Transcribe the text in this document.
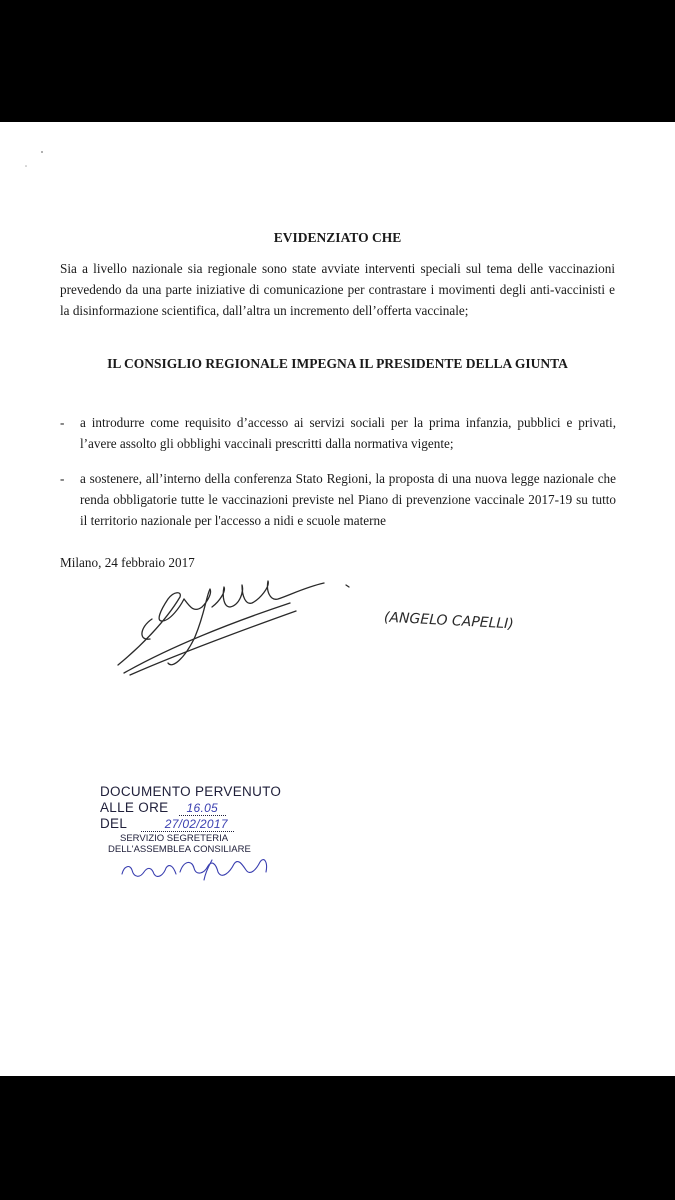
EVIDENZIATO CHE

Sia a livello nazionale sia regionale sono state avviate interventi speciali sul tema delle vaccinazioni prevedendo da una parte iniziative di comunicazione per contrastare i movimenti degli anti-vaccinisti e la disinformazione scientifica, dall’altra un incremento dell’offerta vaccinale;

IL CONSIGLIO REGIONALE IMPEGNA IL PRESIDENTE DELLA GIUNTA

- a introdurre come requisito d’accesso ai servizi sociali per la prima infanzia, pubblici e privati, l’avere assolto gli obblighi vaccinali prescritti dalla normativa vigente;
- a sostenere, all’interno della conferenza Stato Regioni, la proposta di una nuova legge nazionale che renda obbligatorie tutte le vaccinazioni previste nel Piano di prevenzione vaccinale 2017-19 su tutto il territorio nazionale per l'accesso a nidi e scuole materne

Milano, 24 febbraio 2017

(ANGELO CAPELLI)

DOCUMENTO PERVENUTO

ALLE ORE 16.05

DEL	27/02/2017

SERVIZIO SEGRETERIA

DELL'ASSEMBLEA CONSILIARE
